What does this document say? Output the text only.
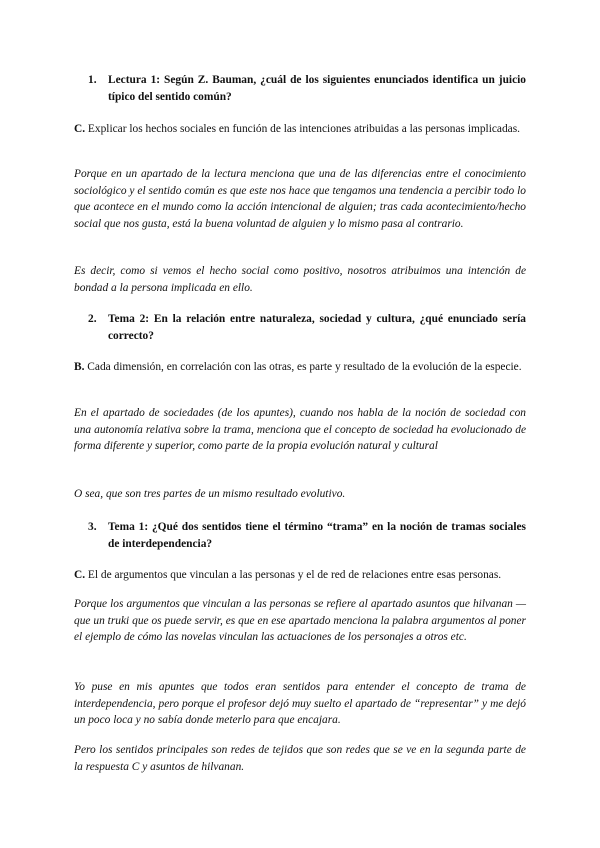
1.	Lectura 1: Según Z. Bauman, ¿cuál de los siguientes enunciados identifica un juicio típico del sentido común?

C. Explicar los hechos sociales en función de las intenciones atribuidas a las personas implicadas.

Porque en un apartado de la lectura menciona que una de las diferencias entre el conocimiento sociológico y el sentido común es que este nos hace que tengamos una tendencia a percibir todo lo que acontece en el mundo como la acción intencional de alguien; tras cada acontecimiento/hecho social que nos gusta, está la buena voluntad de alguien y lo mismo pasa al contrario.

Es decir, como si vemos el hecho social como positivo, nosotros atribuimos una intención de bondad a la persona implicada en ello.

2.	Tema 2: En la relación entre naturaleza, sociedad y cultura, ¿qué enunciado sería correcto?

B. Cada dimensión, en correlación con las otras, es parte y resultado de la evolución de la especie.

En el apartado de sociedades (de los apuntes), cuando nos habla de la noción de sociedad con una autonomía relativa sobre la trama, menciona que el concepto de sociedad ha evolucionado de forma diferente y superior, como parte de la propia evolución natural y cultural

O sea, que son tres partes de un mismo resultado evolutivo.

3.	Tema 1: ¿Qué dos sentidos tiene el término “trama” en la noción de tramas sociales de interdependencia?

C. El de argumentos que vinculan a las personas y el de red de relaciones entre esas personas.

Porque los argumentos que vinculan a las personas se refiere al apartado asuntos que hilvanan — que un truki que os puede servir, es que en ese apartado menciona la palabra argumentos al poner el ejemplo de cómo las novelas vinculan las actuaciones de los personajes a otros etc.

Yo puse en mis apuntes que todos eran sentidos para entender el concepto de trama de interdependencia, pero porque el profesor dejó muy suelto el apartado de “representar” y me dejó un poco loca y no sabía donde meterlo para que encajara.

Pero los sentidos principales son redes de tejidos que son redes que se ve en la segunda parte de la respuesta C y asuntos de hilvanan.
